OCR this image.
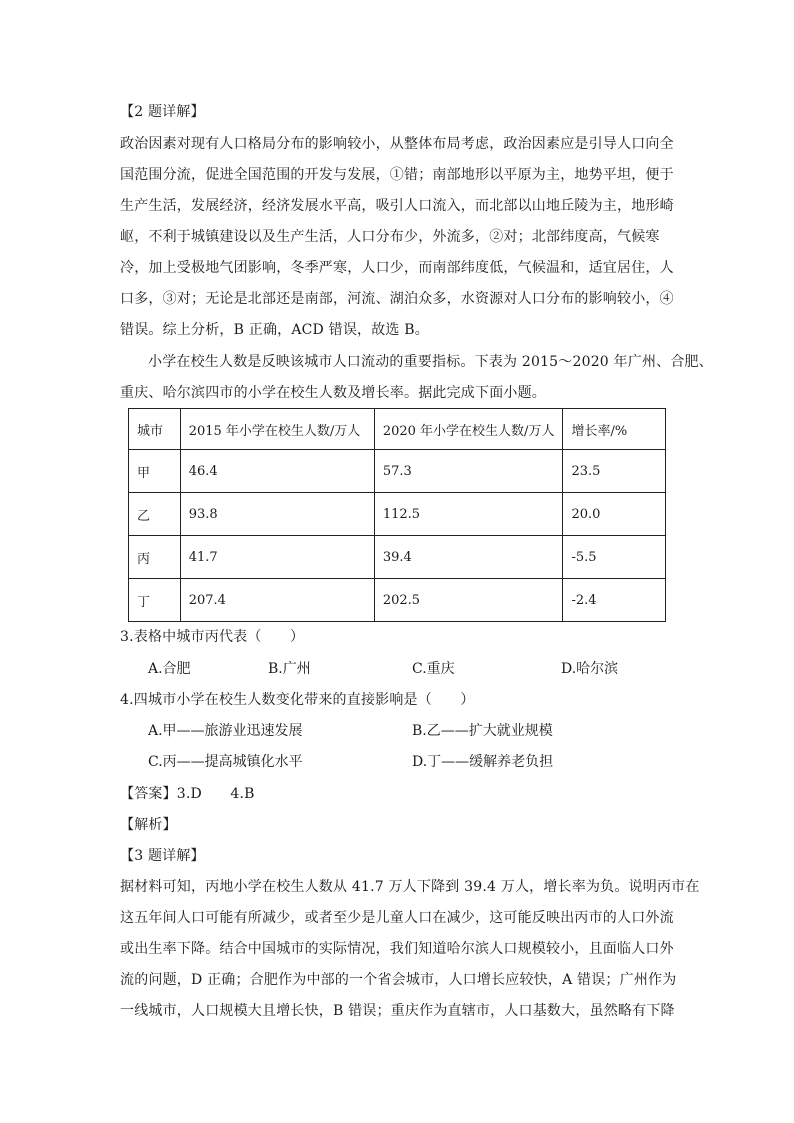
【2 题详解】
政治因素对现有人口格局分布的影响较小，从整体布局考虑，政治因素应是引导人口向全
国范围分流，促进全国范围的开发与发展，①错；南部地形以平原为主，地势平坦，便于
生产生活，发展经济，经济发展水平高，吸引人口流入，而北部以山地丘陵为主，地形崎
岖，不利于城镇建设以及生产生活，人口分布少，外流多，②对；北部纬度高，气候寒
冷，加上受极地气团影响，冬季严寒，人口少，而南部纬度低，气候温和，适宜居住，人
口多，③对；无论是北部还是南部，河流、湖泊众多，水资源对人口分布的影响较小，④
错误。综上分析，B 正确，ACD 错误，故选 B。
小学在校生人数是反映该城市人口流动的重要指标。下表为 2015～2020 年广州、合肥、
重庆、哈尔滨四市的小学在校生人数及增长率。据此完成下面小题。
城市	2015 年小学在校生人数/万人	2020 年小学在校生人数/万人	增长率/%
甲	46.4	57.3	23.5
乙	93.8	112.5	20.0
丙	41.7	39.4	-5.5
丁	207.4	202.5	-2.4
3.表格中城市丙代表（　　）
A.合肥	B.广州	C.重庆	D.哈尔滨
4.四城市小学在校生人数变化带来的直接影响是（　　）
A.甲——旅游业迅速发展	B.乙——扩大就业规模
C.丙——提高城镇化水平	D.丁——缓解养老负担
【答案】3.D　　4.B
【解析】
【3 题详解】
据材料可知，丙地小学在校生人数从 41.7 万人下降到 39.4 万人，增长率为负。说明丙市在
这五年间人口可能有所减少，或者至少是儿童人口在减少，这可能反映出丙市的人口外流
或出生率下降。结合中国城市的实际情况，我们知道哈尔滨人口规模较小，且面临人口外
流的问题，D 正确；合肥作为中部的一个省会城市，人口增长应较快，A 错误；广州作为
一线城市，人口规模大且增长快，B 错误；重庆作为直辖市，人口基数大，虽然略有下降
